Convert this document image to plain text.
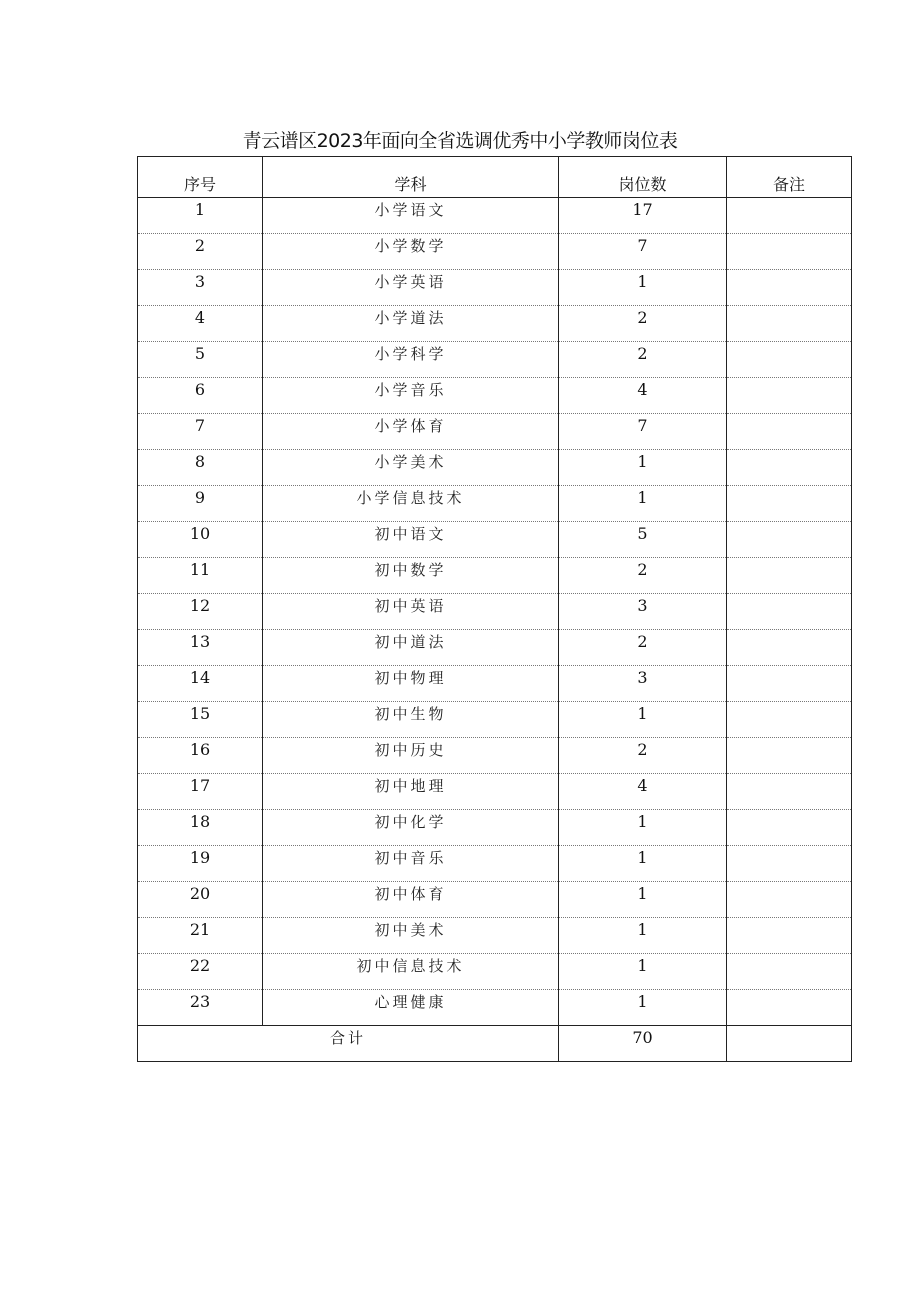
青云谱区2023年面向全省选调优秀中小学教师岗位表
序号	学科	岗位数	备注
1	小学语文	17	
2	小学数学	7	
3	小学英语	1	
4	小学道法	2	
5	小学科学	2	
6	小学音乐	4	
7	小学体育	7	
8	小学美术	1	
9	小学信息技术	1	
10	初中语文	5	
11	初中数学	2	
12	初中英语	3	
13	初中道法	2	
14	初中物理	3	
15	初中生物	1	
16	初中历史	2	
17	初中地理	4	
18	初中化学	1	
19	初中音乐	1	
20	初中体育	1	
21	初中美术	1	
22	初中信息技术	1	
23	心理健康	1	
合计		70	
